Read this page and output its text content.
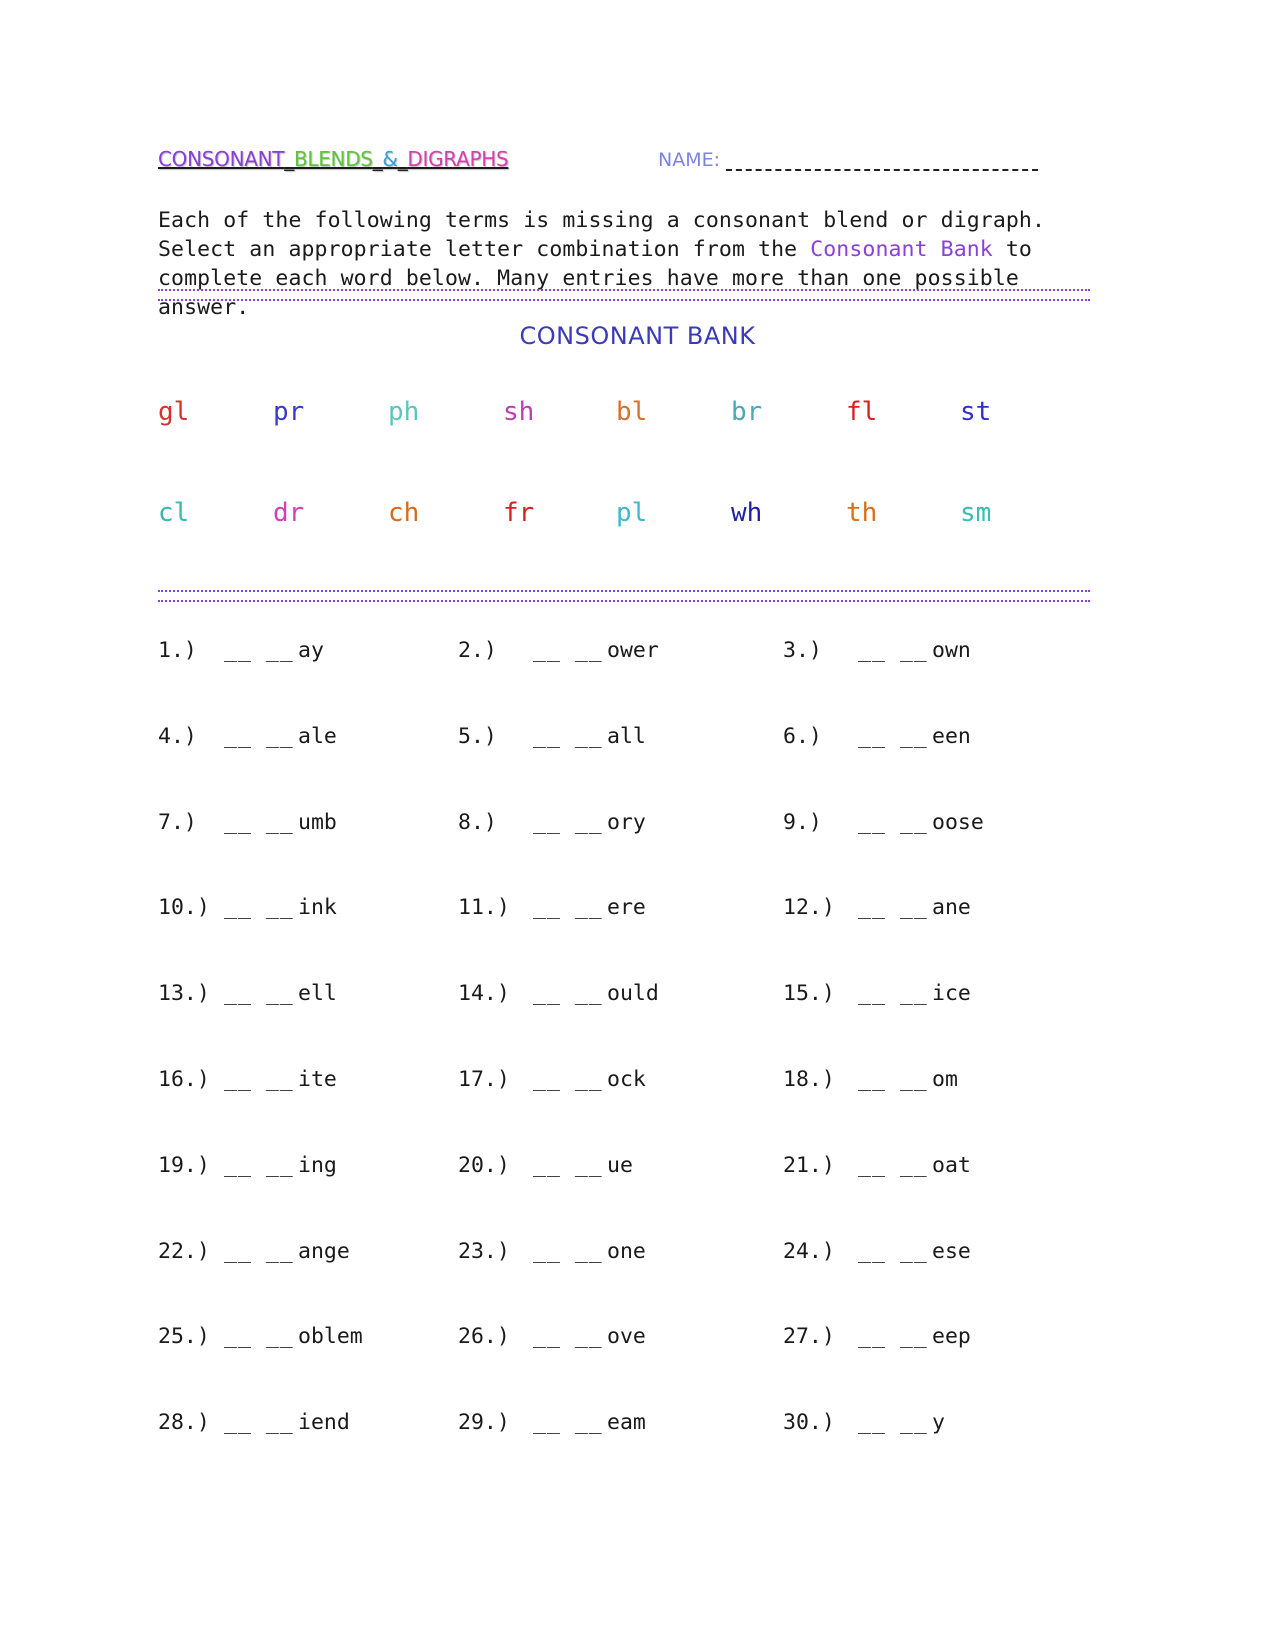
CONSONANT_BLENDS_&_DIGRAPHS	NAME:
Each of the following terms is missing a consonant blend or digraph. Select an appropriate letter combination from the Consonant Bank to complete each word below. Many entries have more than one possible answer.
CONSONANT BANK
gl	pr	ph	sh	bl	br	fl	st
cl	dr	ch	fr	pl	wh	th	sm
1.) __ __ ay	2.) __ __ ower	3.) __ __ own
4.) __ __ ale	5.) __ __ all	6.) __ __ een
7.) __ __ umb	8.) __ __ ory	9.) __ __ oose
10.) __ __ ink	11.) __ __ ere	12.) __ __ ane
13.) __ __ ell	14.) __ __ ould	15.) __ __ ice
16.) __ __ ite	17.) __ __ ock	18.) __ __ om
19.) __ __ ing	20.) __ __ ue	21.) __ __ oat
22.) __ __ ange	23.) __ __ one	24.) __ __ ese
25.) __ __ oblem	26.) __ __ ove	27.) __ __ eep
28.) __ __ iend	29.) __ __ eam	30.) __ __ y
